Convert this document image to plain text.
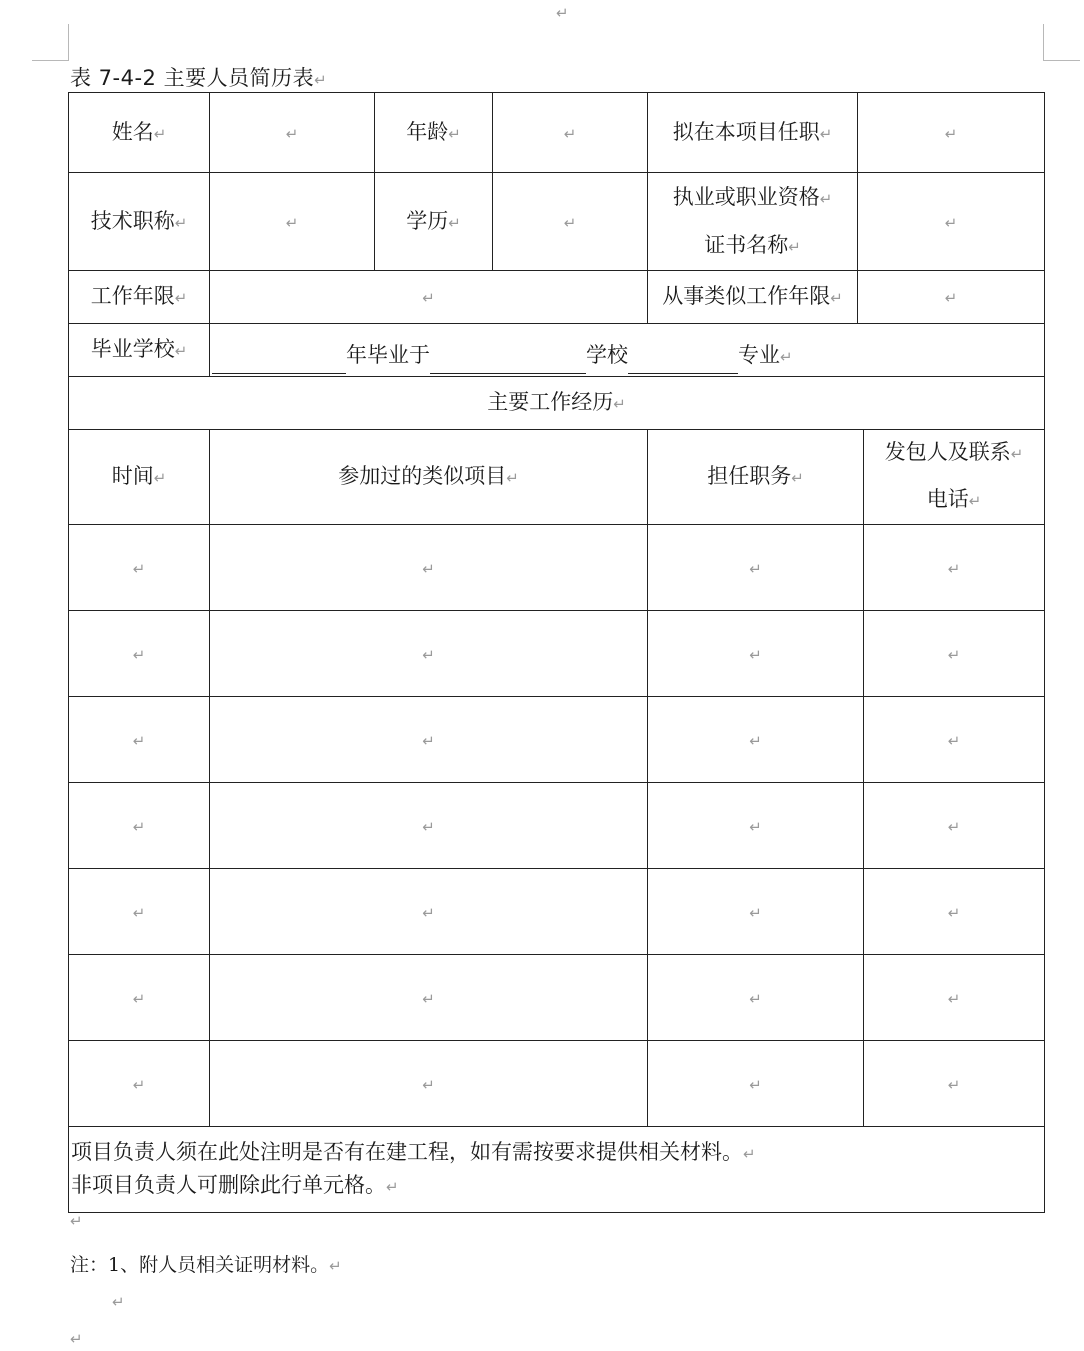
↵
表 7-4-2 主要人员简历表↵
姓名↵	↵	年龄↵	↵	拟在本项目任职↵	↵	
技术职称↵	↵	学历↵	↵	执业或职业资格↵
证书名称↵	↵	
工作年限↵	↵			从事类似工作年限↵	↵	
毕业学校↵	年毕业于 学校 专业↵					
主要工作经历↵						
时间↵	参加过的类似项目↵			担任职务↵		发包人及联系↵
电话↵
↵	↵			↵		↵
↵	↵			↵		↵
↵	↵			↵		↵
↵	↵			↵		↵
↵	↵			↵		↵
↵	↵			↵		↵
↵	↵			↵		↵
项目负责人须在此处注明是否有在建工程，如有需按要求提供相关材料。↵
非项目负责人可删除此行单元格。↵						
↵
注：1、附人员相关证明材料。↵
↵
↵
